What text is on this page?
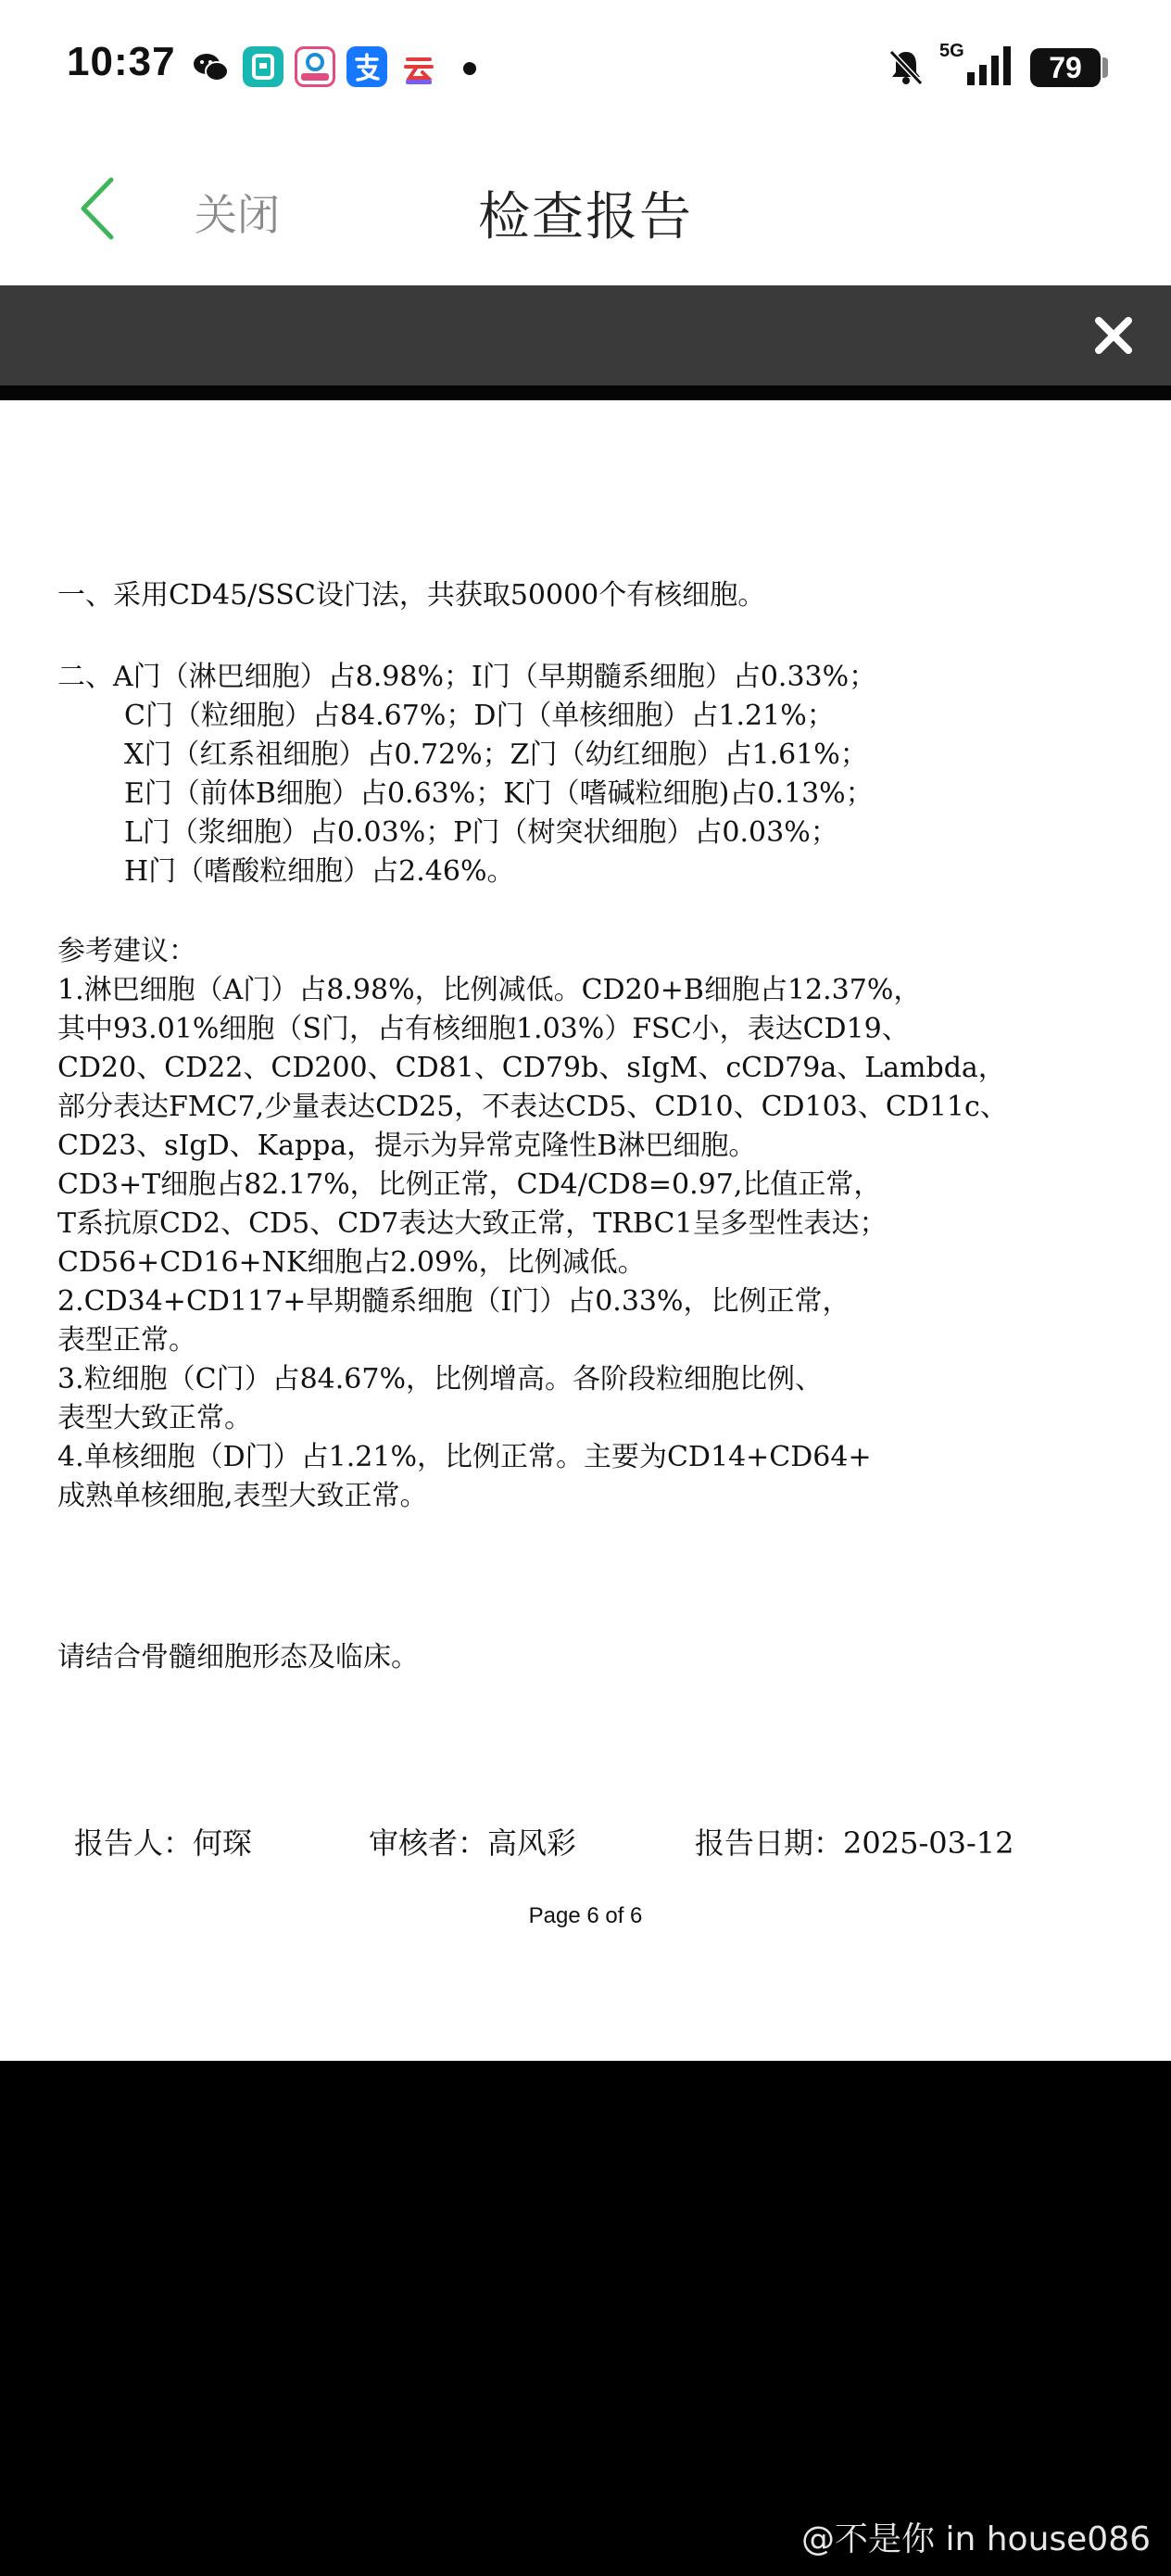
10:37	5G	79
关闭	检查报告
一、采用CD45/SSC设门法，共获取50000个有核细胞。
二、A门（淋巴细胞）占8.98%；I门（早期髓系细胞）占0.33%；
C门（粒细胞）占84.67%；D门（单核细胞）占1.21%；
X门（红系祖细胞）占0.72%；Z门（幼红细胞）占1.61%；
E门（前体B细胞）占0.63%；K门（嗜碱粒细胞)占0.13%；
L门（浆细胞）占0.03%；P门（树突状细胞）占0.03%；
H门（嗜酸粒细胞）占2.46%。
参考建议：
1.淋巴细胞（A门）占8.98%，比例减低。CD20+B细胞占12.37%，
其中93.01%细胞（S门，占有核细胞1.03%）FSC小，表达CD19、
CD20、CD22、CD200、CD81、CD79b、sIgM、cCD79a、Lambda，
部分表达FMC7,少量表达CD25，不表达CD5、CD10、CD103、CD11c、
CD23、sIgD、Kappa，提示为异常克隆性B淋巴细胞。
CD3+T细胞占82.17%，比例正常，CD4/CD8=0.97,比值正常，
T系抗原CD2、CD5、CD7表达大致正常，TRBC1呈多型性表达；
CD56+CD16+NK细胞占2.09%，比例减低。
2.CD34+CD117+早期髓系细胞（I门）占0.33%，比例正常，
表型正常。
3.粒细胞（C门）占84.67%，比例增高。各阶段粒细胞比例、
表型大致正常。
4.单核细胞（D门）占1.21%，比例正常。主要为CD14+CD64+
成熟单核细胞,表型大致正常。
请结合骨髓细胞形态及临床。
报告人：何琛	审核者：高风彩	报告日期：2025-03-12
Page 6 of 6
@不是你 in house086
